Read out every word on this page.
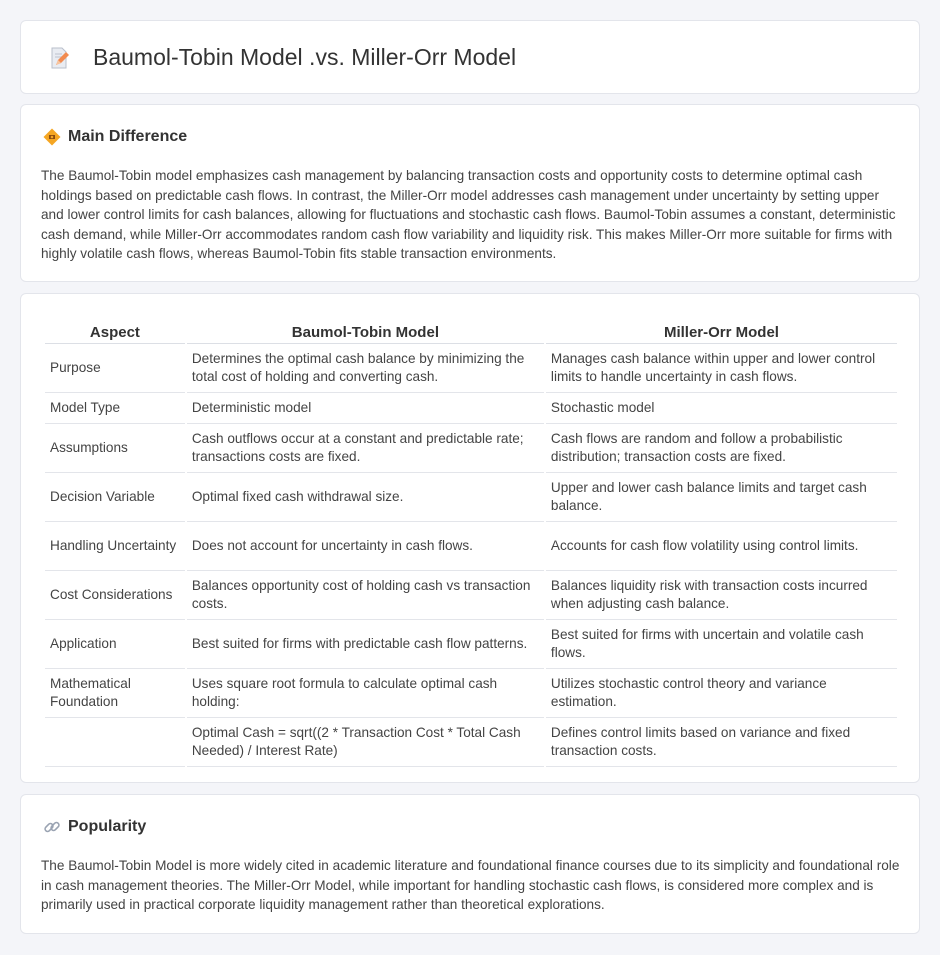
Baumol-Tobin Model .vs. Miller-Orr Model
Main Difference

The Baumol-Tobin model emphasizes cash management by balancing transaction costs and opportunity costs to determine optimal cash holdings based on predictable cash flows. In contrast, the Miller-Orr model addresses cash management under uncertainty by setting upper and lower control limits for cash balances, allowing for fluctuations and stochastic cash flows. Baumol-Tobin assumes a constant, deterministic cash demand, while Miller-Orr accommodates random cash flow variability and liquidity risk. This makes Miller-Orr more suitable for firms with highly volatile cash flows, whereas Baumol-Tobin fits stable transaction environments.

Aspect	Baumol-Tobin Model	Miller-Orr Model
Purpose	Determines the optimal cash balance by minimizing the total cost of holding and converting cash.	Manages cash balance within upper and lower control limits to handle uncertainty in cash flows.
Model Type	Deterministic model	Stochastic model
Assumptions	Cash outflows occur at a constant and predictable rate; transactions costs are fixed.	Cash flows are random and follow a probabilistic distribution; transaction costs are fixed.
Decision Variable	Optimal fixed cash withdrawal size.	Upper and lower cash balance limits and target cash balance.
Handling Uncertainty	Does not account for uncertainty in cash flows.	Accounts for cash flow volatility using control limits.
Cost Considerations	Balances opportunity cost of holding cash vs transaction costs.	Balances liquidity risk with transaction costs incurred when adjusting cash balance.
Application	Best suited for firms with predictable cash flow patterns.	Best suited for firms with uncertain and volatile cash flows.
Mathematical Foundation	Uses square root formula to calculate optimal cash holding:	Utilizes stochastic control theory and variance estimation.
	Optimal Cash = sqrt((2 * Transaction Cost * Total Cash Needed) / Interest Rate)	Defines control limits based on variance and fixed transaction costs.
Popularity

The Baumol-Tobin Model is more widely cited in academic literature and foundational finance courses due to its simplicity and foundational role in cash management theories. The Miller-Orr Model, while important for handling stochastic cash flows, is considered more complex and is primarily used in practical corporate liquidity management rather than theoretical explorations.
